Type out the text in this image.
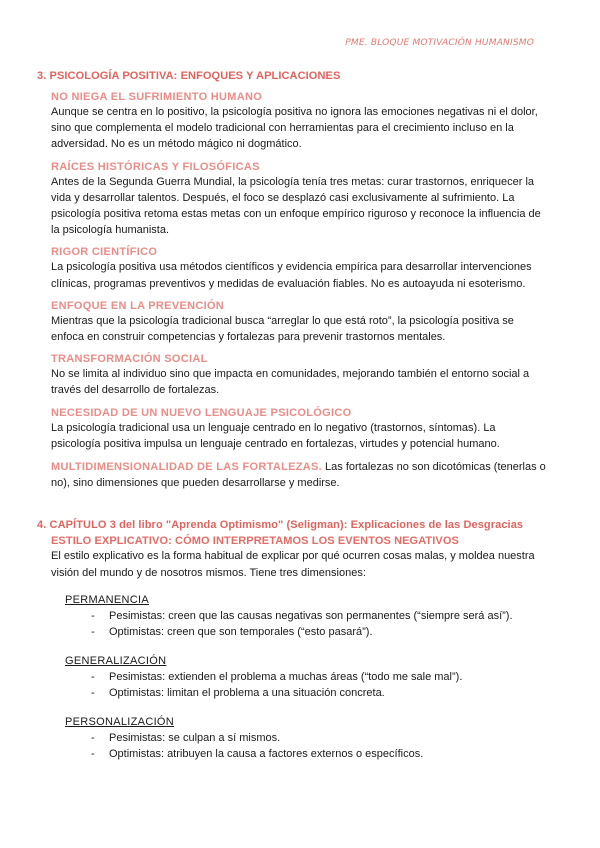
PME. BLOQUE MOTIVACIÓN HUMANISMO
3. PSICOLOGÍA POSITIVA: ENFOQUES Y APLICACIONES
NO NIEGA EL SUFRIMIENTO HUMANO

Aunque se centra en lo positivo, la psicología positiva no ignora las emociones negativas ni el dolor, sino que complementa el modelo tradicional con herramientas para el crecimiento incluso en la adversidad. No es un método mágico ni dogmático.

RAÍCES HISTÓRICAS Y FILOSÓFICAS

Antes de la Segunda Guerra Mundial, la psicología tenía tres metas: curar trastornos, enriquecer la vida y desarrollar talentos. Después, el foco se desplazó casi exclusivamente al sufrimiento. La psicología positiva retoma estas metas con un enfoque empírico riguroso y reconoce la influencia de la psicología humanista.

RIGOR CIENTÍFICO

La psicología positiva usa métodos científicos y evidencia empírica para desarrollar intervenciones clínicas, programas preventivos y medidas de evaluación fiables. No es autoayuda ni esoterismo.

ENFOQUE EN LA PREVENCIÓN

Mientras que la psicología tradicional busca “arreglar lo que está roto”, la psicología positiva se enfoca en construir competencias y fortalezas para prevenir trastornos mentales.

TRANSFORMACIÓN SOCIAL

No se limita al individuo sino que impacta en comunidades, mejorando también el entorno social a través del desarrollo de fortalezas.

NECESIDAD DE UN NUEVO LENGUAJE PSICOLÓGICO

La psicología tradicional usa un lenguaje centrado en lo negativo (trastornos, síntomas). La psicología positiva impulsa un lenguaje centrado en fortalezas, virtudes y potencial humano.

MULTIDIMENSIONALIDAD DE LAS FORTALEZAS. Las fortalezas no son dicotómicas (tenerlas o no), sino dimensiones que pueden desarrollarse y medirse.

4. CAPÍTULO 3 del libro "Aprenda Optimismo" (Seligman): Explicaciones de las Desgracias
ESTILO EXPLICATIVO: CÓMO INTERPRETAMOS LOS EVENTOS NEGATIVOS

El estilo explicativo es la forma habitual de explicar por qué ocurren cosas malas, y moldea nuestra visión del mundo y de nosotros mismos. Tiene tres dimensiones:

PERMANENCIA
- Pesimistas: creen que las causas negativas son permanentes (“siempre será así”).
- Optimistas: creen que son temporales (“esto pasará”).
GENERALIZACIÓN
- Pesimistas: extienden el problema a muchas áreas (“todo me sale mal”).
- Optimistas: limitan el problema a una situación concreta.
PERSONALIZACIÓN
- Pesimistas: se culpan a sí mismos.
- Optimistas: atribuyen la causa a factores externos o específicos.
